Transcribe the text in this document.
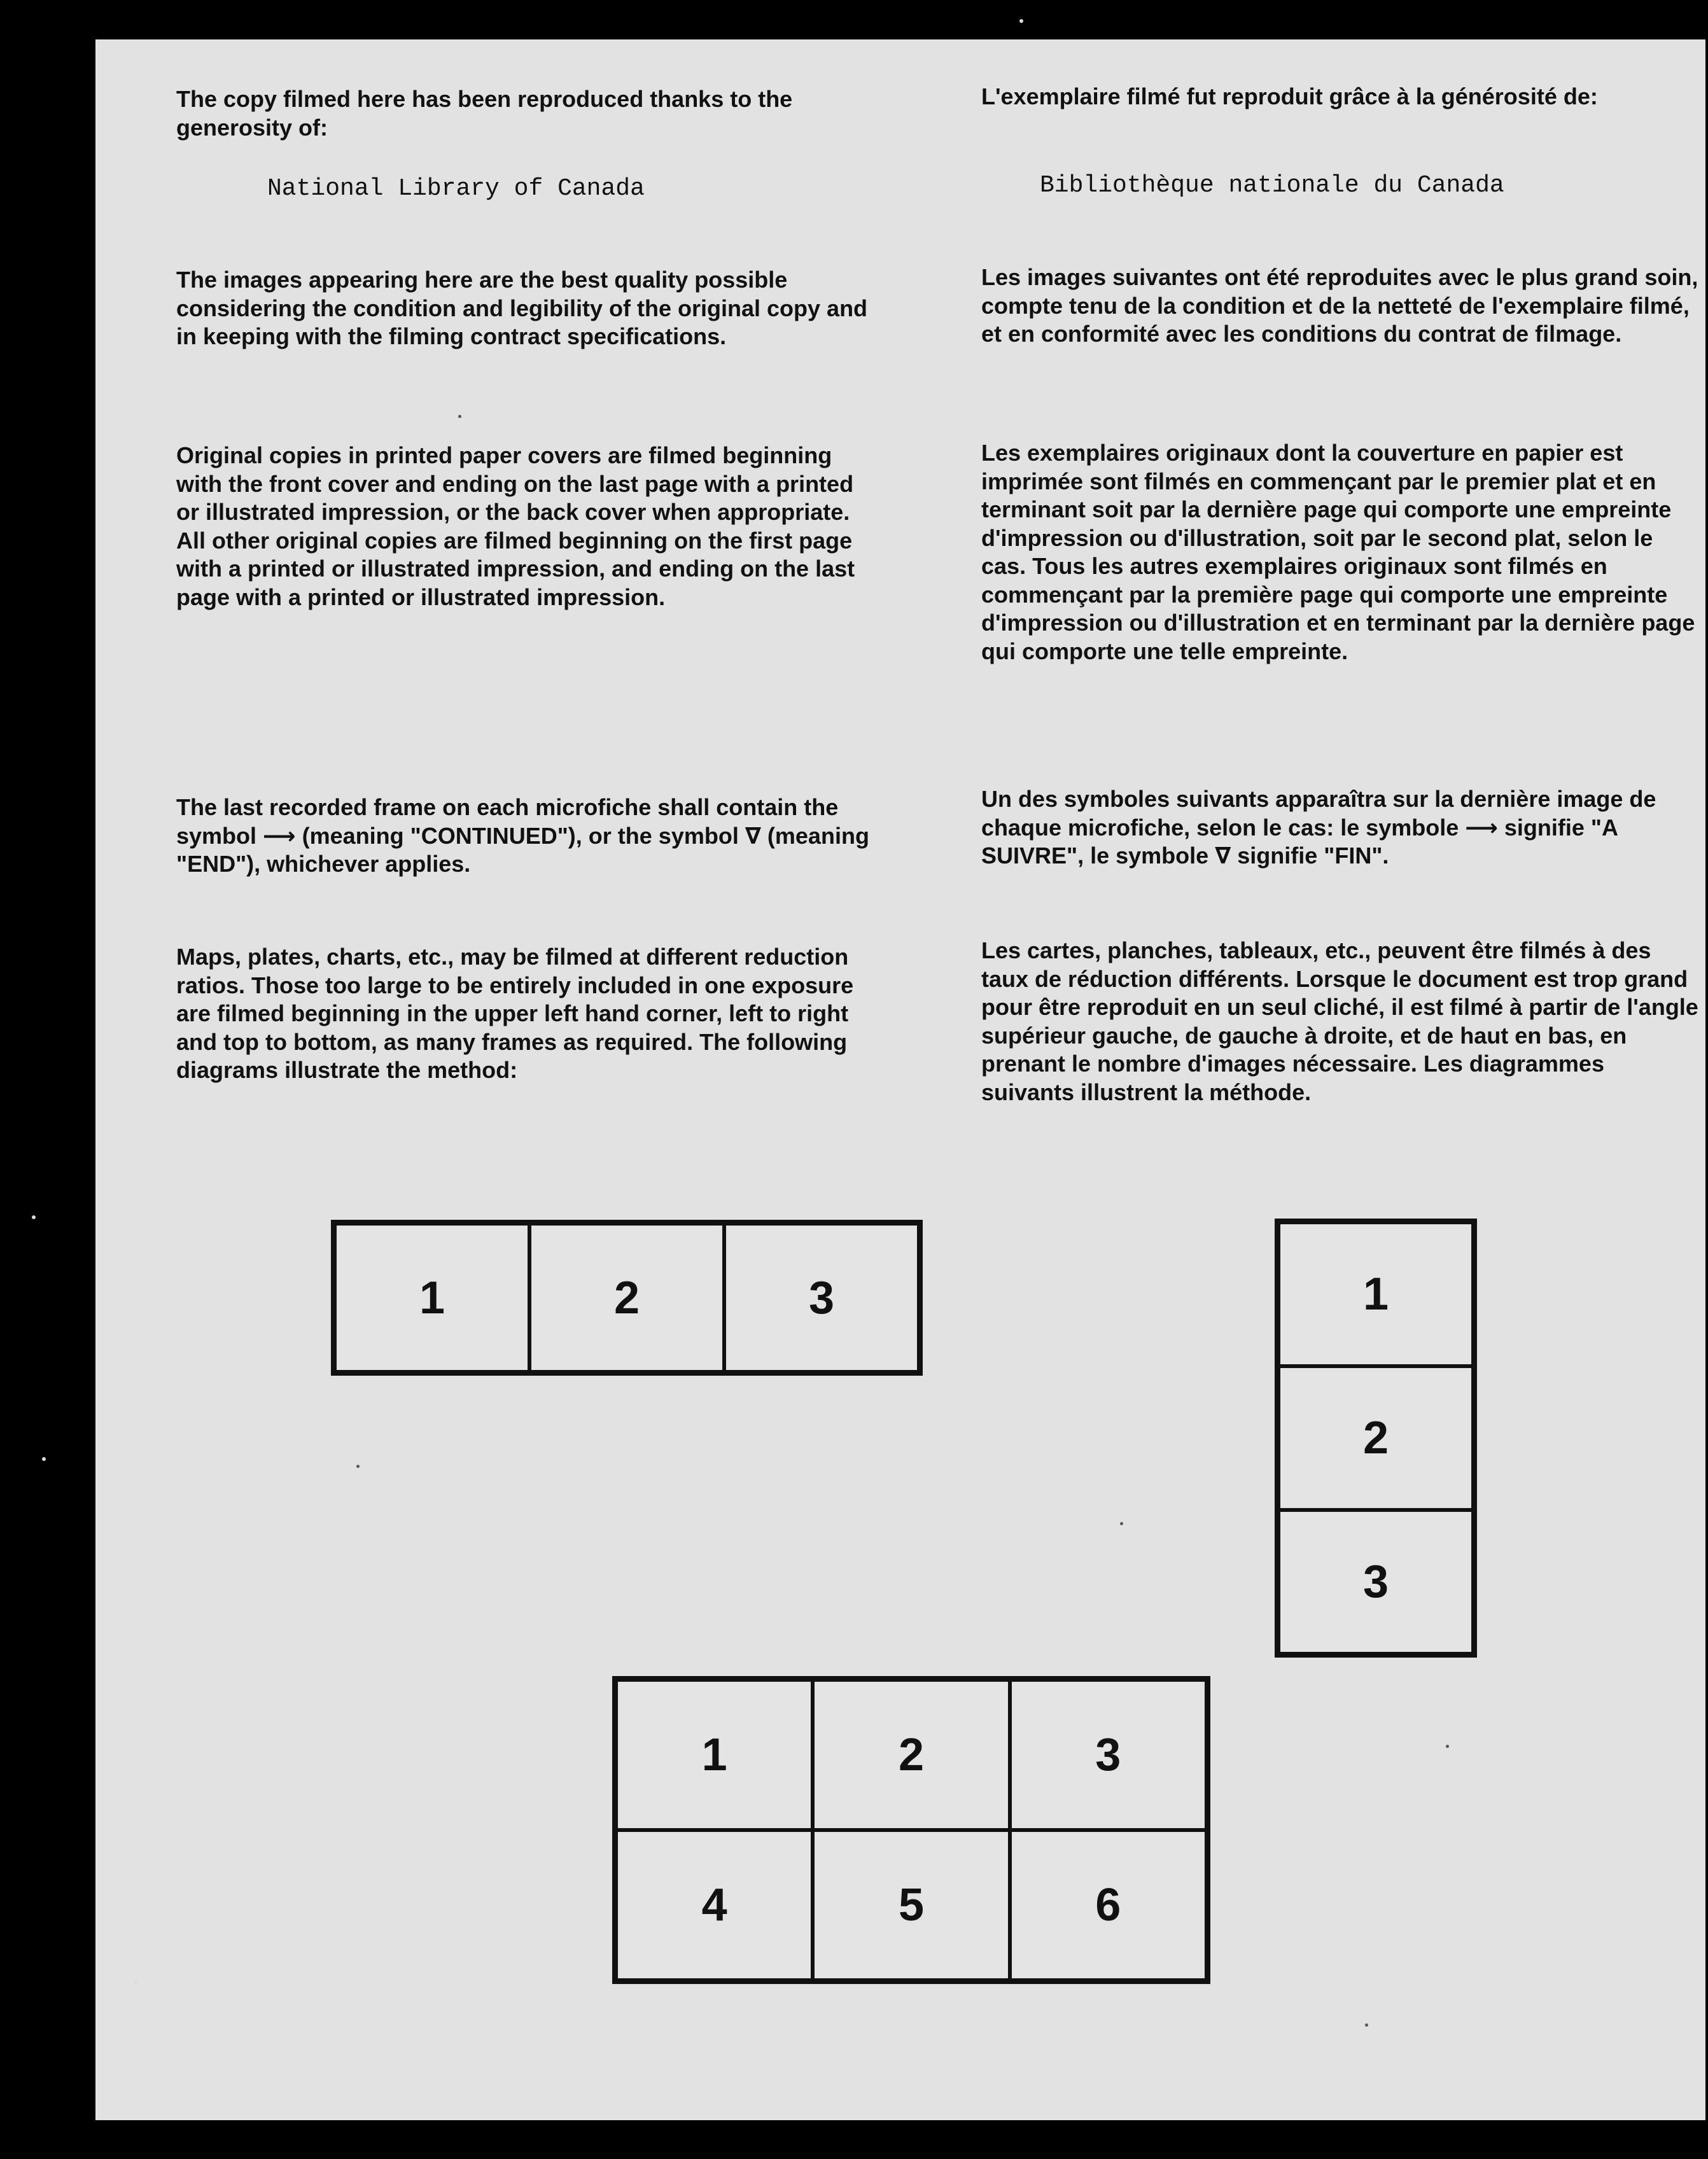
The copy filmed here has been reproduced thanks to the generosity of:

National Library of Canada

The images appearing here are the best quality possible considering the condition and legibility of the original copy and in keeping with the filming contract specifications.

Original copies in printed paper covers are filmed beginning with the front cover and ending on the last page with a printed or illustrated impression, or the back cover when appropriate. All other original copies are filmed beginning on the first page with a printed or illustrated impression, and ending on the last page with a printed or illustrated impression.

The last recorded frame on each microfiche shall contain the symbol ⟶ (meaning "CONTINUED"), or the symbol ∇ (meaning "END"), whichever applies.

Maps, plates, charts, etc., may be filmed at different reduction ratios. Those too large to be entirely included in one exposure are filmed beginning in the upper left hand corner, left to right and top to bottom, as many frames as required. The following diagrams illustrate the method:

L'exemplaire filmé fut reproduit grâce à la générosité de:

Bibliothèque nationale du Canada

Les images suivantes ont été reproduites avec le plus grand soin, compte tenu de la condition et de la netteté de l'exemplaire filmé, et en conformité avec les conditions du contrat de filmage.

Les exemplaires originaux dont la couverture en papier est imprimée sont filmés en commençant par le premier plat et en terminant soit par la dernière page qui comporte une empreinte d'impression ou d'illustration, soit par le second plat, selon le cas. Tous les autres exemplaires originaux sont filmés en commençant par la première page qui comporte une empreinte d'impression ou d'illustration et en terminant par la dernière page qui comporte une telle empreinte.

Un des symboles suivants apparaîtra sur la dernière image de chaque microfiche, selon le cas: le symbole ⟶ signifie "A SUIVRE", le symbole ∇ signifie "FIN".

Les cartes, planches, tableaux, etc., peuvent être filmés à des taux de réduction différents. Lorsque le document est trop grand pour être reproduit en un seul cliché, il est filmé à partir de l'angle supérieur gauche, de gauche à droite, et de haut en bas, en prenant le nombre d'images nécessaire. Les diagrammes suivants illustrent la méthode.

1	2	3	1
2
3
1	2	3
4	5	6
